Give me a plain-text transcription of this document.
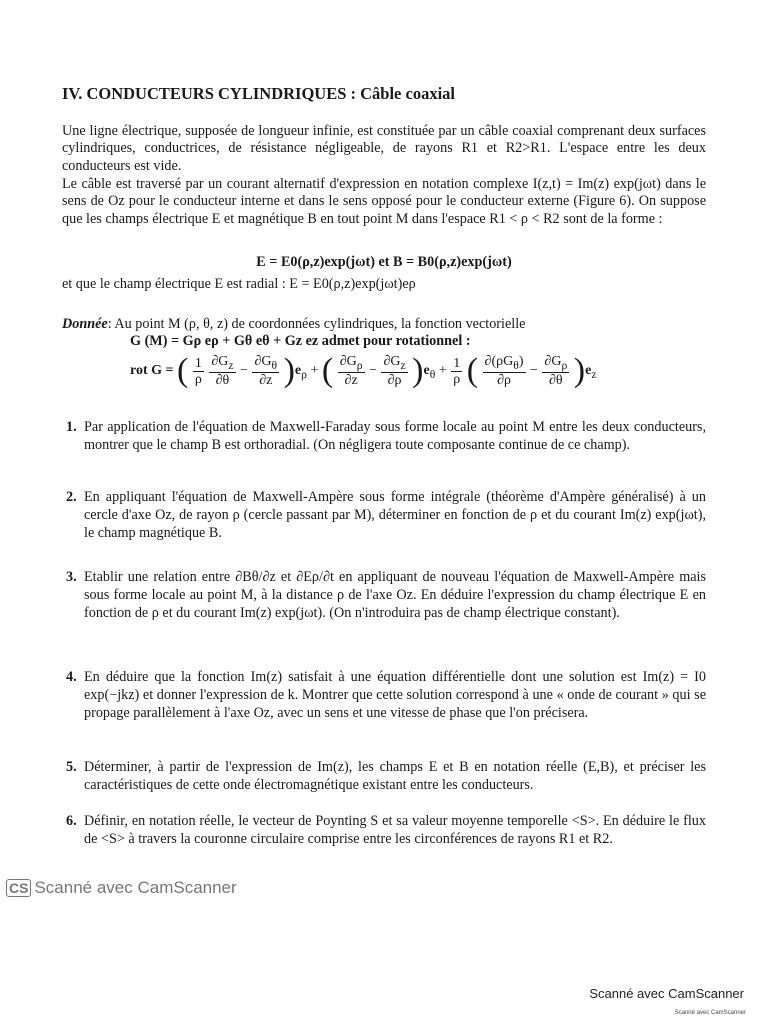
IV. CONDUCTEURS CYLINDRIQUES : Câble coaxial

Une ligne électrique, supposée de longueur infinie, est constituée par un câble coaxial comprenant deux surfaces cylindriques, conductrices, de résistance négligeable, de rayons R1 et R2>R1. L'espace entre les deux conducteurs est vide.

Le câble est traversé par un courant alternatif d'expression en notation complexe I(z,t) = Im(z) exp(jωt) dans le sens de Oz pour le conducteur interne et dans le sens opposé pour le conducteur externe (Figure 6). On suppose que les champs électrique E et magnétique B en tout point M dans l'espace R1 < ρ < R2 sont de la forme :

E = E0(ρ,z)exp(jωt) et B = B0(ρ,z)exp(jωt)

et que le champ électrique E est radial : E = E0(ρ,z)exp(jωt)eρ

Donnée: Au point M (ρ, θ, z) de coordonnées cylindriques, la fonction vectorielle
G (M) = Gρ eρ + Gθ eθ + Gz ez admet pour rotationnel :
rot G = ( $\frac{1}{\rho}$
$\frac{\partial G_z}{\partial\theta} - \frac{\partial G_\theta}{\partial z} )e_\rho$ + ( $\frac{\partial G_\rho}{\partial z} - \frac{\partial G_z}{\partial\rho} )e_\theta + \frac{1}{\rho}$ ( $\frac{\partial(\rho G_\theta)}{\partial\rho} - \frac{\partial G_\rho}{\partial\theta} )e_z$
1. Par application de l'équation de Maxwell-Faraday sous forme locale au point M entre les deux conducteurs, montrer que le champ B est orthoradial. (On négligera toute composante continue de ce champ).
2. En appliquant l'équation de Maxwell-Ampère sous forme intégrale (théorème d'Ampère généralisé) à un cercle d'axe Oz, de rayon ρ (cercle passant par M), déterminer en fonction de ρ et du courant Im(z) exp(jωt), le champ magnétique B.
3. Etablir une relation entre ∂Bθ/∂z et ∂Eρ/∂t en appliquant de nouveau l'équation de Maxwell-Ampère mais sous forme locale au point M, à la distance ρ de l'axe Oz. En déduire l'expression du champ électrique E en fonction de ρ et du courant Im(z) exp(jωt). (On n'introduira pas de champ électrique constant).
4. En déduire que la fonction Im(z) satisfait à une équation différentielle dont une solution est Im(z) = I0 exp(−jkz) et donner l'expression de k. Montrer que cette solution correspond à une « onde de courant » qui se propage parallèlement à l'axe Oz, avec un sens et une vitesse de phase que l'on précisera.
5. Déterminer, à partir de l'expression de Im(z), les champs E et B en notation réelle (E,B), et préciser les caractéristiques de cette onde électromagnétique existant entre les conducteurs.
6. Définir, en notation réelle, le vecteur de Poynting S et sa valeur moyenne temporelle <S>. En déduire le flux de <S> à travers la couronne circulaire comprise entre les circonférences de rayons R1 et R2.
CS Scanné avec CamScanner
Scanné avec CamScanner
Scanné avec CamScanner
